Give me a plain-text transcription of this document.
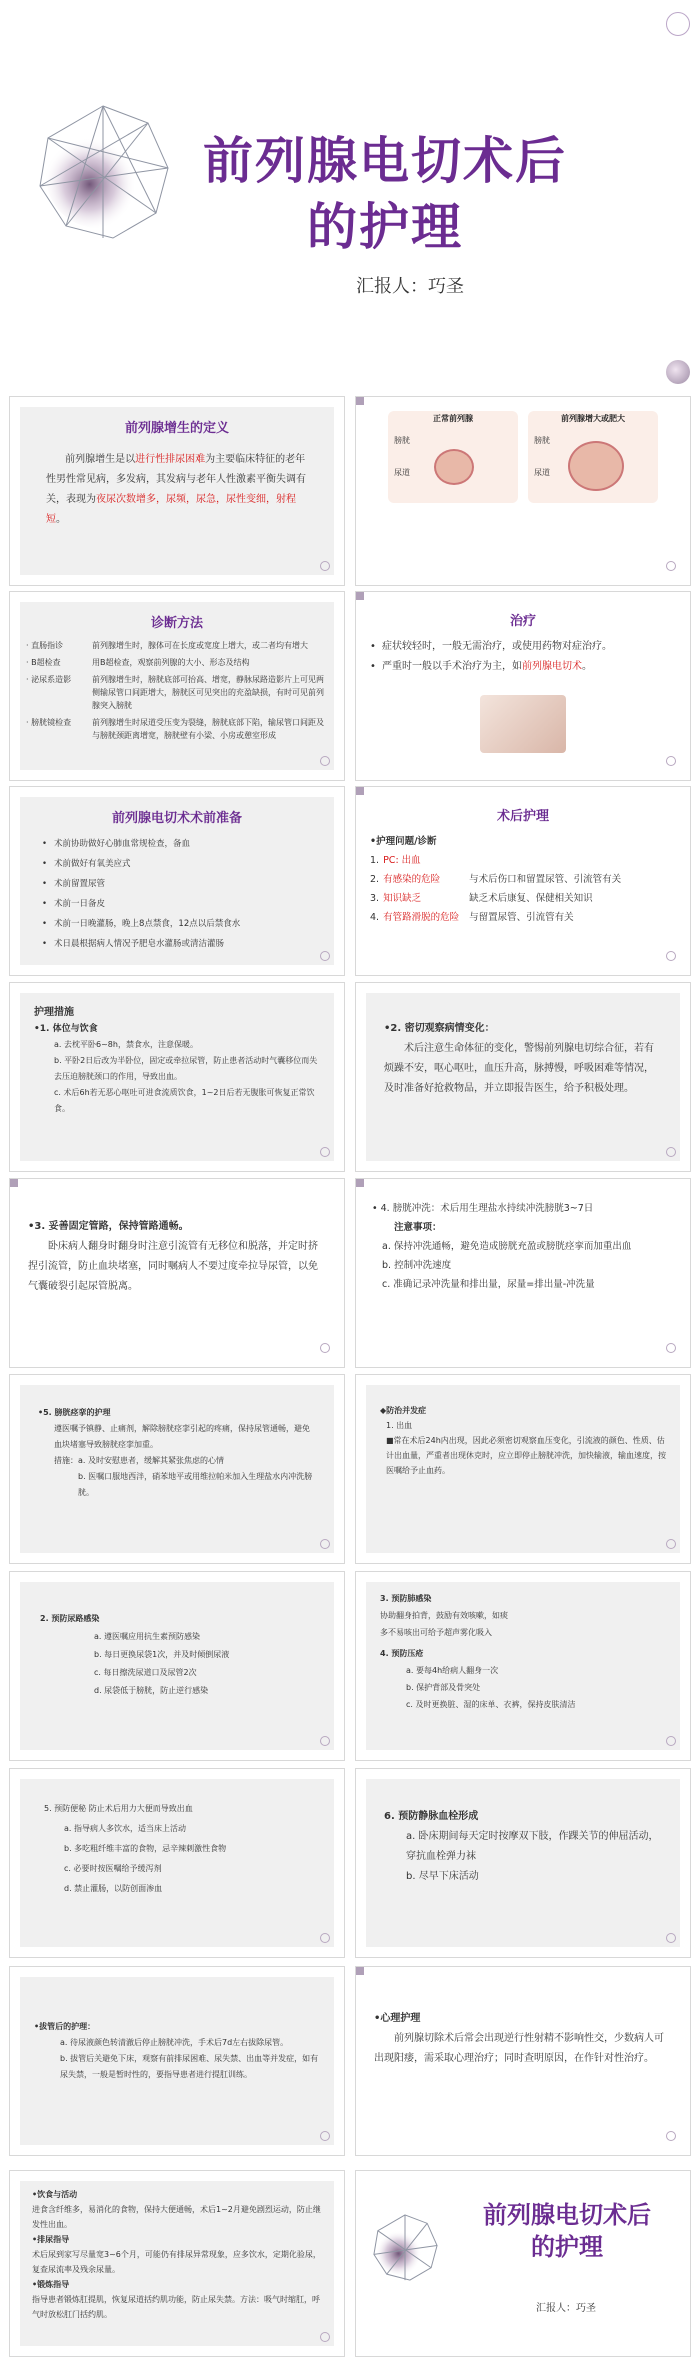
前列腺电切术后
的护理
汇报人：巧圣
前列腺增生的定义
前列腺增生是以进行性排尿困难为主要临床特征的老年性男性常见病，多发病，其发病与老年人性激素平衡失调有关，表现为夜尿次数增多，尿频，尿急，尿性变细，射程短。
正常前列腺
膀胱
尿道
前列腺增大或肥大
膀胱
尿道
诊断方法
· 直肠指诊	前列腺增生时，腺体可在长度或宽度上增大，或二者均有增大
· B超检查	用B超检查，观察前列腺的大小、形态及结构
· 泌尿系造影	前列腺增生时，膀胱底部可抬高、增宽，静脉尿路造影片上可见两侧输尿管口间距增大，膀胱区可见突出的充盈缺损，有时可见前列腺突入膀胱
· 膀胱镜检查	前列腺增生时尿道受压变为裂缝，膀胱底部下陷，输尿管口间距及与膀胱颈距离增宽，膀胱壁有小梁、小房或憩室形成
治疗
• 症状较轻时，一般无需治疗，或使用药物对症治疗。
• 严重时一般以手术治疗为主，如前列腺电切术。
前列腺电切术术前准备
• 术前协助做好心肺血常规检查，备血
• 术前做好有氧美应式
• 术前留置尿管
• 术前一日备皮
• 术前一日晚灌肠，晚上8点禁食，12点以后禁食水
• 术日晨根据病人情况予肥皂水灌肠或清洁灌肠
术后护理
•护理问题/诊断
1. PC: 出血
2. 有感染的危险	与术后伤口和留置尿管、引流管有关
3. 知识缺乏	缺乏术后康复、保健相关知识
4. 有管路滑脱的危险	与留置尿管、引流管有关
护理措施
•1. 体位与饮食
a. 去枕平卧6~8h，禁食水，注意保暖。
b. 平卧2日后改为半卧位，固定或牵拉尿管，防止患者活动时气囊移位而失去压迫膀胱颈口的作用，导致出血。
c. 术后6h若无恶心呕吐可进食流质饮食，1~2日后若无腹胀可恢复正常饮食。
•2. 密切观察病情变化：
术后注意生命体征的变化，警惕前列腺电切综合征，若有烦躁不安，呕心呕吐，血压升高，脉搏慢，呼吸困难等情况，及时准备好抢救物品，并立即报告医生，给予积极处理。
•3. 妥善固定管路，保持管路通畅。
卧床病人翻身时翻身时注意引流管有无移位和脱落，并定时挤捏引流管，防止血块堵塞，同时嘱病人不要过度牵拉导尿管，以免气囊破裂引起尿管脱离。
• 4. 膀胱冲洗：术后用生理盐水持续冲洗膀胱3~7日
注意事项：
a. 保持冲洗通畅，避免造成膀胱充盈或膀胱痉挛而加重出血
b. 控制冲洗速度
c. 准确记录冲洗量和排出量，尿量=排出量-冲洗量
•5. 膀胱痉挛的护理
遵医嘱予镇静、止痛剂，解除膀胱痉挛引起的疼痛，保持尿管通畅，避免血块堵塞导致膀胱痉挛加重。
措施：a. 及时安慰患者，缓解其紧张焦虑的心情
b. 医嘱口服地西泮，硝苯地平或用维拉帕米加入生理盐水内冲洗膀胱。
◆防治并发症
1. 出血
■常在术后24h内出现，因此必须密切观察血压变化，引流液的颜色、性质、估计出血量，严重者出现休克时，应立即停止膀胱冲洗，加快输液，输血速度，按医嘱给予止血药。
2. 预防尿路感染
a. 遵医嘱应用抗生素预防感染
b. 每日更换尿袋1次，并及时倾倒尿液
c. 每日擦洗尿道口及尿管2次
d. 尿袋低于膀胱，防止逆行感染
3. 预防肺感染
协助翻身拍背，鼓励有效咳嗽，如痰
多不易咳出可给予超声雾化吸入
4. 预防压疮
a. 要每4h给病人翻身一次
b. 保护背部及骨突处
c. 及时更换脏、湿的床单、衣裤，保持皮肤清洁
5. 预防便秘 防止术后用力大便而导致出血
a. 指导病人多饮水，适当床上活动
b. 多吃粗纤维丰富的食物，忌辛辣刺激性食物
c. 必要时按医嘱给予缓泻剂
d. 禁止灌肠，以防创面渗血
6. 预防静脉血栓形成
a. 卧床期间每天定时按摩双下肢，作踝关节的伸屈活动，穿抗血栓弹力袜
b. 尽早下床活动
•拔管后的护理：
a. 待尿液颜色转清澈后停止膀胱冲洗，手术后7d左右拔除尿管。
b. 拔管后关避免下床，观察有前排尿困难、尿失禁、出血等并发症，如有尿失禁，一般是暂时性的，要指导患者进行提肛训练。
•心理护理
前列腺切除术后常会出现逆行性射精不影响性交，少数病人可出现阳痿，需采取心理治疗；同时查明原因，在作针对性治疗。
•饮食与活动
进食含纤维多，易消化的食物，保持大便通畅，术后1~2月避免剧烈运动，防止继发性出血。
•排尿指导
术后尿到家写尽量宽3~6个月，可能仍有排尿异常现象，应多饮水，定期化验尿，复查尿流率及残余尿量。
•锻炼指导
指导患者锻炼肛提肌，恢复尿道括约肌功能，防止尿失禁。方法：吸气时缩肛，呼气时放松肛门括约肌。
前列腺电切术后
的护理
汇报人：巧圣
